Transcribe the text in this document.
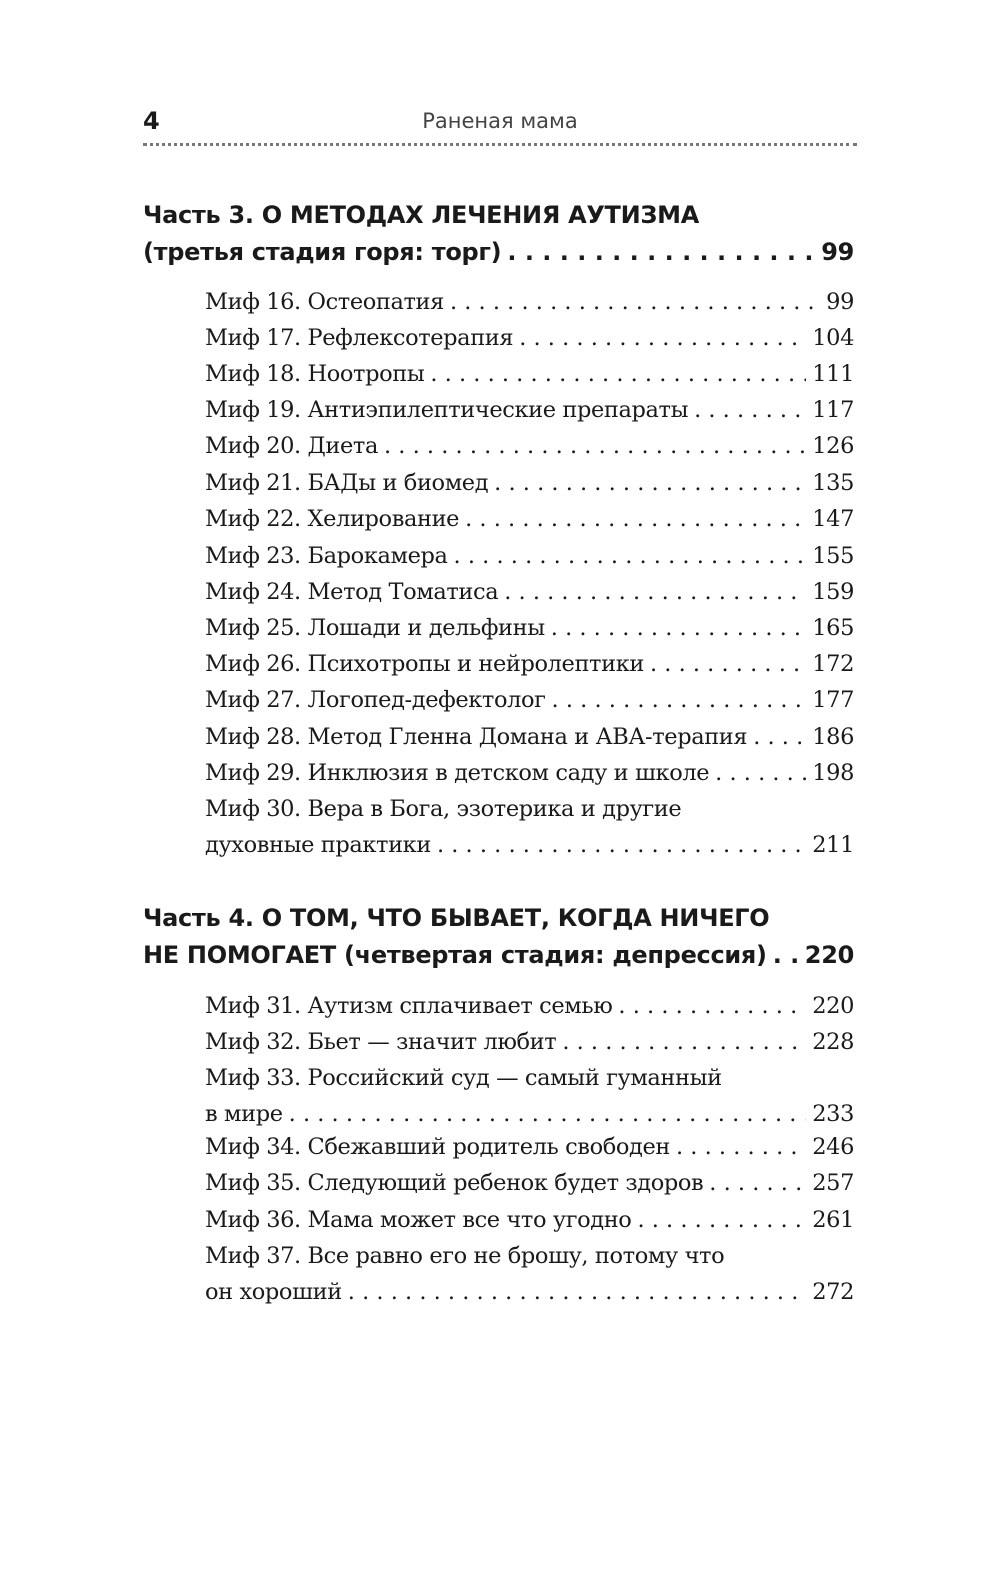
4	Раненая мама
Часть 3. О МЕТОДАХ ЛЕЧЕНИЯ АУТИЗМА
(третья стадия горя: торг) . . .	99
Миф 16. Остеопатия . . .	99
Миф 17. Рефлексотерапия . . .	104
Миф 18. Ноотропы . . .	111
Миф 19. Антиэпилептические препараты . . .	117
Миф 20. Диета . . .	126
Миф 21. БАДы и биомед . . .	135
Миф 22. Хелирование . . .	147
Миф 23. Барокамера . . .	155
Миф 24. Метод Томатиса . . .	159
Миф 25. Лошади и дельфины . . .	165
Миф 26. Психотропы и нейролептики . . .	172
Миф 27. Логопед-дефектолог . . .	177
Миф 28. Метод Гленна Домана и АВА-терапия . . .	186
Миф 29. Инклюзия в детском саду и школе . . .	198
Миф 30. Вера в Бога, эзотерика и другие
духовные практики . . .	211
Часть 4. О ТОМ, ЧТО БЫВАЕТ, КОГДА НИЧЕГО
НЕ ПОМОГАЕТ (четвертая стадия: депрессия) . . . 220
Миф 31. Аутизм сплачивает семью . . .	220
Миф 32. Бьет — значит любит . . .	228
Миф 33. Российский суд — самый гуманный
в мире . . .	233
Миф 34. Сбежавший родитель свободен . . .	246
Миф 35. Следующий ребенок будет здоров . . .	257
Миф 36. Мама может все что угодно . . .	261
Миф 37. Все равно его не брошу, потому что
он хороший . . .	272
